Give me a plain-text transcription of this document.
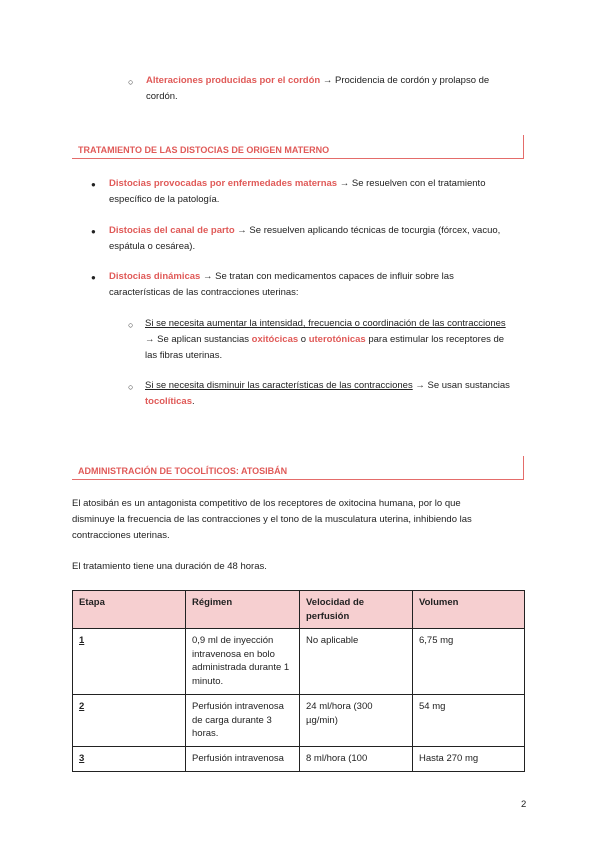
○ Alteraciones producidas por el cordón → Procidencia de cordón y prolapso de
cordón.
TRATAMIENTO DE LAS DISTOCIAS DE ORIGEN MATERNO
● Distocias provocadas por enfermedades maternas → Se resuelven con el tratamiento
específico de la patología.
● Distocias del canal de parto → Se resuelven aplicando técnicas de tocurgia (fórcex, vacuo,
espátula o cesárea).
● Distocias dinámicas → Se tratan con medicamentos capaces de influir sobre las
características de las contracciones uterinas:
○ Si se necesita aumentar la intensidad, frecuencia o coordinación de las contracciones
→ Se aplican sustancias oxitócicas o uterotónicas para estimular los receptores de
las fibras uterinas.
○ Si se necesita disminuir las características de las contracciones → Se usan sustancias
tocolíticas.
ADMINISTRACIÓN DE TOCOLÍTICOS: ATOSIBÁN
El atosibán es un antagonista competitivo de los receptores de oxitocina humana, por lo que
disminuye la frecuencia de las contracciones y el tono de la musculatura uterina, inhibiendo las
contracciones uterinas.
El tratamiento tiene una duración de 48 horas.
Etapa	Régimen	Velocidad de perfusión	Volumen
1	0,9 ml de inyección intravenosa en bolo administrada durante 1 minuto.	No aplicable	6,75 mg
2	Perfusión intravenosa de carga durante 3 horas.	24 ml/hora (300 µg/min)	54 mg
3	Perfusión intravenosa	8 ml/hora (100	Hasta 270 mg
2
